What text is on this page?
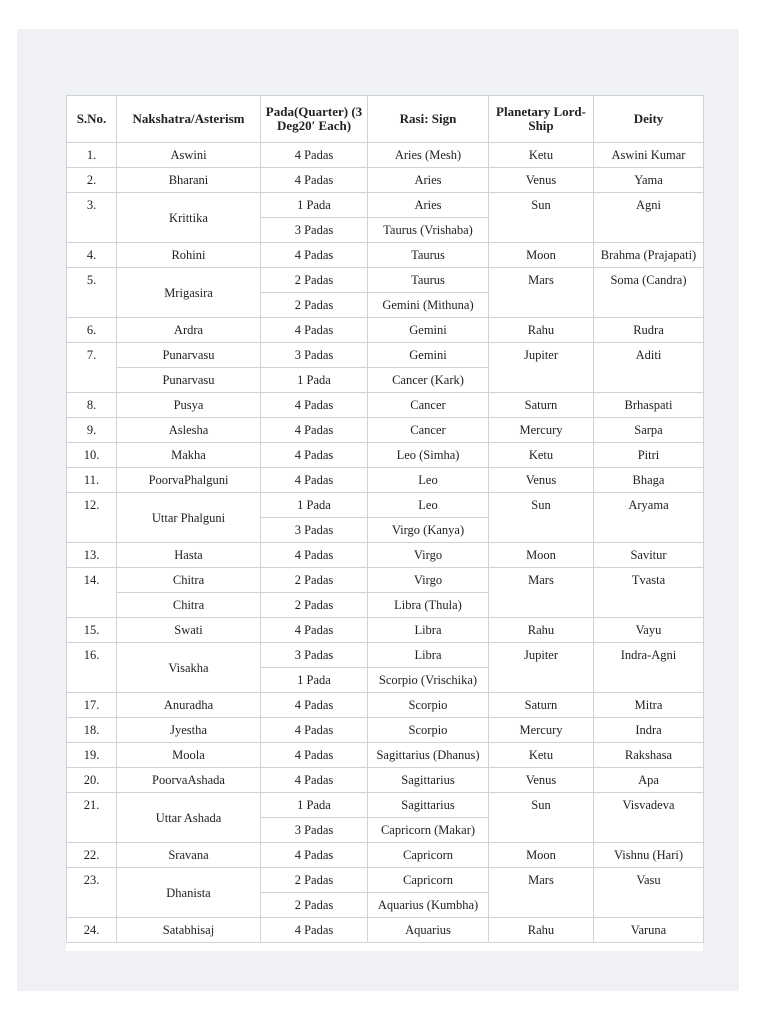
S.No.	Nakshatra/Asterism	Pada(Quarter) (3 Deg20′ Each)	Rasi: Sign	Planetary Lord-Ship	Deity
1.	Aswini	4 Padas	Aries (Mesh)	Ketu	Aswini Kumar
2.	Bharani	4 Padas	Aries	Venus	Yama
3.	Krittika	1 Pada	Aries	Sun	Agni
		3 Padas	Taurus (Vrishaba)		
4.	Rohini	4 Padas	Taurus	Moon	Brahma (Prajapati)
5.	Mrigasira	2 Padas	Taurus	Mars	Soma (Candra)
		2 Padas	Gemini (Mithuna)		
6.	Ardra	4 Padas	Gemini	Rahu	Rudra
7.	Punarvasu	3 Padas	Gemini	Jupiter	Aditi
	Punarvasu	1 Pada	Cancer (Kark)		
8.	Pusya	4 Padas	Cancer	Saturn	Brhaspati
9.	Aslesha	4 Padas	Cancer	Mercury	Sarpa
10.	Makha	4 Padas	Leo (Simha)	Ketu	Pitri
11.	PoorvaPhalguni	4 Padas	Leo	Venus	Bhaga
12.	Uttar Phalguni	1 Pada	Leo	Sun	Aryama
		3 Padas	Virgo (Kanya)		
13.	Hasta	4 Padas	Virgo	Moon	Savitur
14.	Chitra	2 Padas	Virgo	Mars	Tvasta
	Chitra	2 Padas	Libra (Thula)		
15.	Swati	4 Padas	Libra	Rahu	Vayu
16.	Visakha	3 Padas	Libra	Jupiter	Indra-Agni
		1 Pada	Scorpio (Vrischika)		
17.	Anuradha	4 Padas	Scorpio	Saturn	Mitra
18.	Jyestha	4 Padas	Scorpio	Mercury	Indra
19.	Moola	4 Padas	Sagittarius (Dhanus)	Ketu	Rakshasa
20.	PoorvaAshada	4 Padas	Sagittarius	Venus	Apa
21.	Uttar Ashada	1 Pada	Sagittarius	Sun	Visvadeva
		3 Padas	Capricorn (Makar)		
22.	Sravana	4 Padas	Capricorn	Moon	Vishnu (Hari)
23.	Dhanista	2 Padas	Capricorn	Mars	Vasu
		2 Padas	Aquarius (Kumbha)		
24.	Satabhisaj	4 Padas	Aquarius	Rahu	Varuna
